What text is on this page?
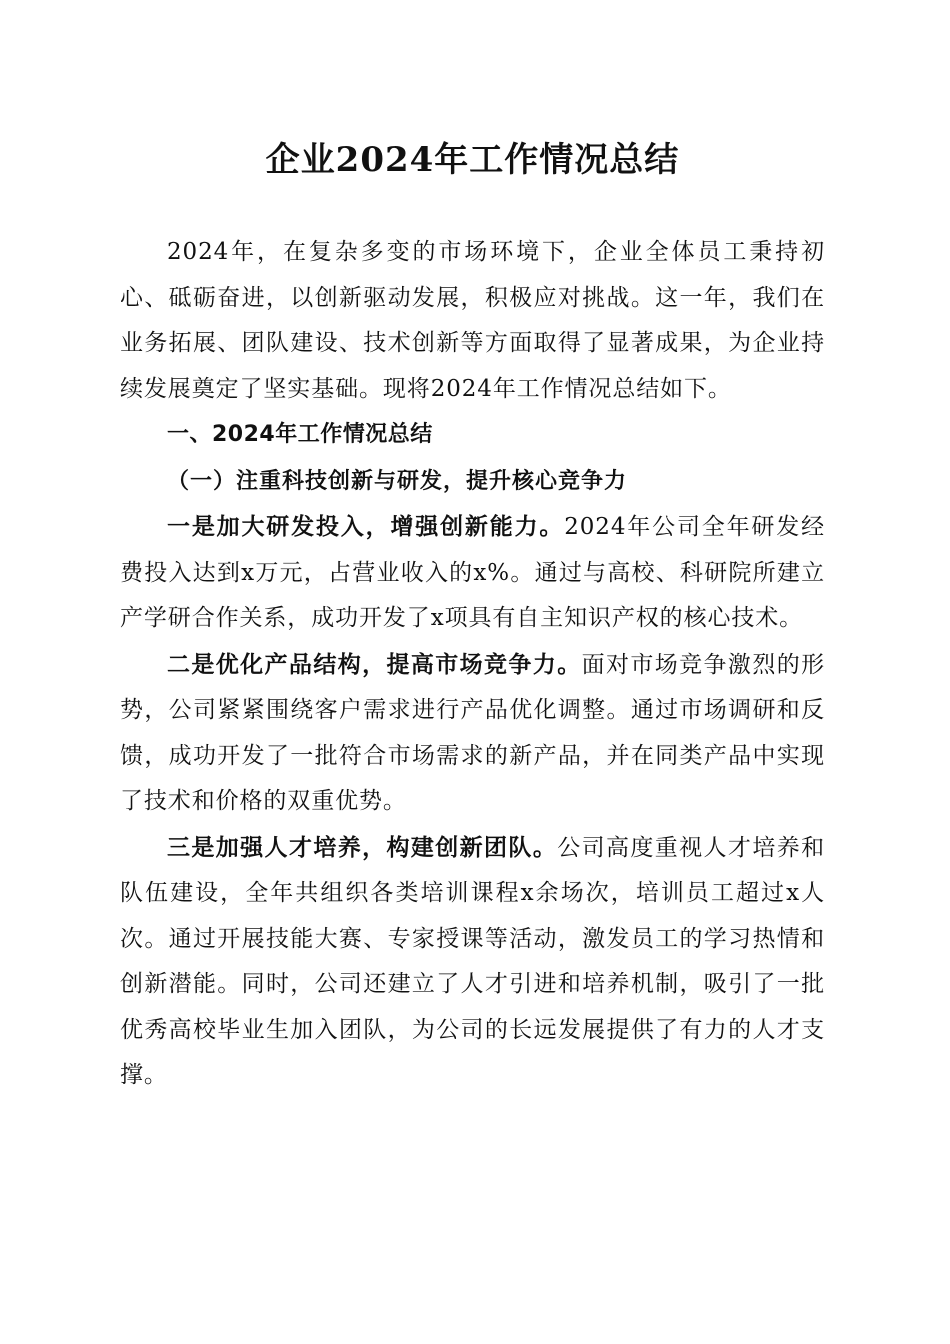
企业2024年工作情况总结

2024年，在复杂多变的市场环境下，企业全体员工秉持初心、砥砺奋进，以创新驱动发展，积极应对挑战。这一年，我们在业务拓展、团队建设、技术创新等方面取得了显著成果，为企业持续发展奠定了坚实基础。现将2024年工作情况总结如下。

一、2024年工作情况总结

（一）注重科技创新与研发，提升核心竞争力

一是加大研发投入，增强创新能力。2024年公司全年研发经费投入达到x万元，占营业收入的x%。通过与高校、科研院所建立产学研合作关系，成功开发了x项具有自主知识产权的核心技术。

二是优化产品结构，提高市场竞争力。面对市场竞争激烈的形势，公司紧紧围绕客户需求进行产品优化调整。通过市场调研和反馈，成功开发了一批符合市场需求的新产品，并在同类产品中实现了技术和价格的双重优势。

三是加强人才培养，构建创新团队。公司高度重视人才培养和队伍建设，全年共组织各类培训课程x余场次，培训员工超过x人次。通过开展技能大赛、专家授课等活动，激发员工的学习热情和创新潜能。同时，公司还建立了人才引进和培养机制，吸引了一批优秀高校毕业生加入团队，为公司的长远发展提供了有力的人才支撑。
